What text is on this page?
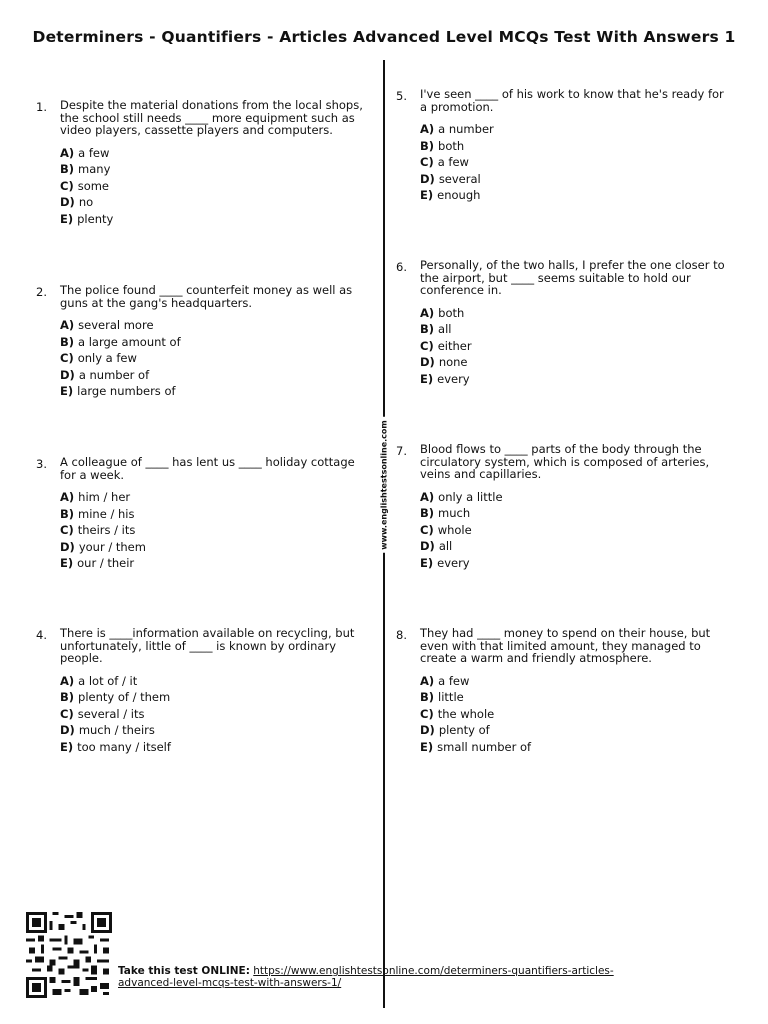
Determiners - Quantifiers - Articles Advanced Level MCQs Test With Answers 1
www.englishtestsonline.com
1. Despite the material donations from the local shops,
the school still needs ____ more equipment such as
video players, cassette players and computers.
A) a few
B) many
C) some
D) no
E) plenty
2. The police found ____ counterfeit money as well as
guns at the gang's headquarters.
A) several more
B) a large amount of
C) only a few
D) a number of
E) large numbers of
3. A colleague of ____ has lent us ____ holiday cottage
for a week.
A) him / her
B) mine / his
C) theirs / its
D) your / them
E) our / their
4. There is ____information available on recycling, but
unfortunately, little of ____ is known by ordinary
people.
A) a lot of / it
B) plenty of / them
C) several / its
D) much / theirs
E) too many / itself
5. I've seen ____ of his work to know that he's ready for
a promotion.
A) a number
B) both
C) a few
D) several
E) enough
6. Personally, of the two halls, I prefer the one closer to
the airport, but ____ seems suitable to hold our
conference in.
A) both
B) all
C) either
D) none
E) every
7. Blood flows to ____ parts of the body through the
circulatory system, which is composed of arteries,
veins and capillaries.
A) only a little
B) much
C) whole
D) all
E) every
8. They had ____ money to spend on their house, but
even with that limited amount, they managed to
create a warm and friendly atmosphere.
A) a few
B) little
C) the whole
D) plenty of
E) small number of
Take this test ONLINE: https://www.englishtestsonline.com/determiners-quantifiers-articles-
advanced-level-mcqs-test-with-answers-1/
